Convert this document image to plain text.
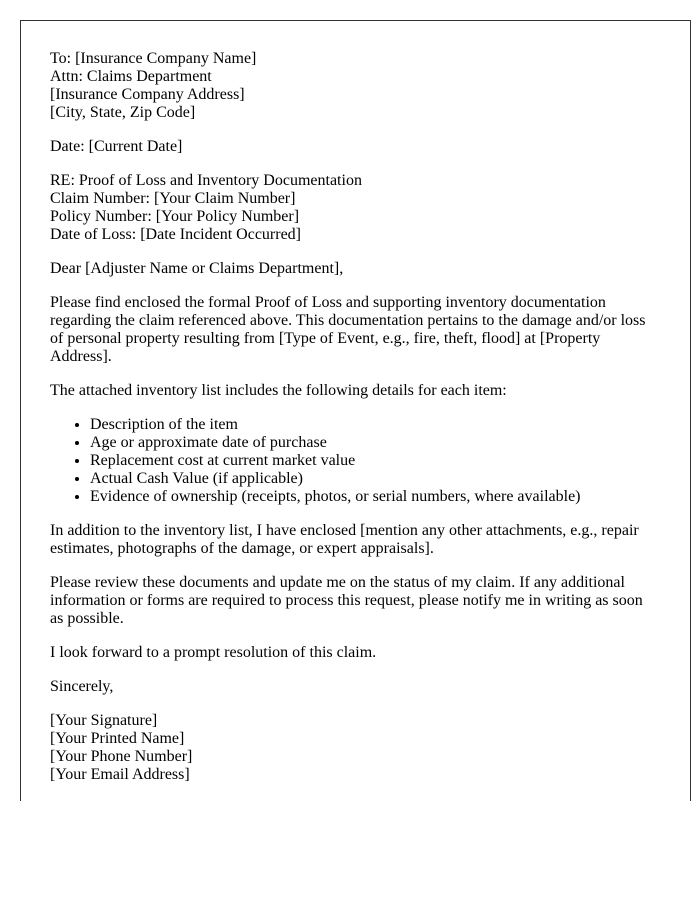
To: [Insurance Company Name]
Attn: Claims Department
[Insurance Company Address]
[City, State, Zip Code]

Date: [Current Date]

RE: Proof of Loss and Inventory Documentation
Claim Number: [Your Claim Number]
Policy Number: [Your Policy Number]
Date of Loss: [Date Incident Occurred]

Dear [Adjuster Name or Claims Department],

Please find enclosed the formal Proof of Loss and supporting inventory documentation regarding the claim referenced above. This documentation pertains to the damage and/or loss of personal property resulting from [Type of Event, e.g., fire, theft, flood] at [Property Address].

The attached inventory list includes the following details for each item:

• Description of the item
• Age or approximate date of purchase
• Replacement cost at current market value
• Actual Cash Value (if applicable)
• Evidence of ownership (receipts, photos, or serial numbers, where available)

In addition to the inventory list, I have enclosed [mention any other attachments, e.g., repair estimates, photographs of the damage, or expert appraisals].

Please review these documents and update me on the status of my claim. If any additional information or forms are required to process this request, please notify me in writing as soon as possible.

I look forward to a prompt resolution of this claim.

Sincerely,

[Your Signature]
[Your Printed Name]
[Your Phone Number]
[Your Email Address]
